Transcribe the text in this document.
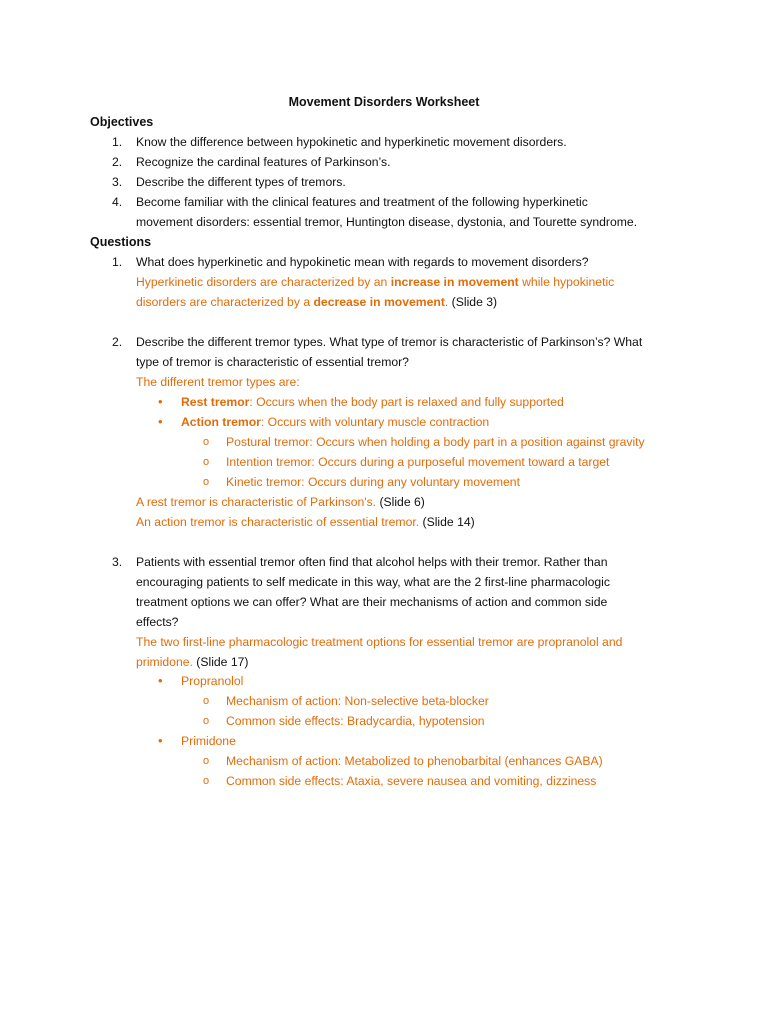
Movement Disorders Worksheet
Objectives
1. Know the difference between hypokinetic and hyperkinetic movement disorders.
2. Recognize the cardinal features of Parkinson’s.
3. Describe the different types of tremors.
4. Become familiar with the clinical features and treatment of the following hyperkinetic
movement disorders: essential tremor, Huntington disease, dystonia, and Tourette syndrome.
Questions
1. What does hyperkinetic and hypokinetic mean with regards to movement disorders?
Hyperkinetic disorders are characterized by an increase in movement while hypokinetic
disorders are characterized by a decrease in movement. (Slide 3)
2. Describe the different tremor types. What type of tremor is characteristic of Parkinson’s? What
type of tremor is characteristic of essential tremor?
The different tremor types are:
• Rest tremor: Occurs when the body part is relaxed and fully supported
• Action tremor: Occurs with voluntary muscle contraction
o Postural tremor: Occurs when holding a body part in a position against gravity
o Intention tremor: Occurs during a purposeful movement toward a target
o Kinetic tremor: Occurs during any voluntary movement
A rest tremor is characteristic of Parkinson's. (Slide 6)
An action tremor is characteristic of essential tremor. (Slide 14)
3. Patients with essential tremor often find that alcohol helps with their tremor. Rather than
encouraging patients to self medicate in this way, what are the 2 first-line pharmacologic
treatment options we can offer? What are their mechanisms of action and common side
effects?
The two first-line pharmacologic treatment options for essential tremor are propranolol and
primidone. (Slide 17)
• Propranolol
o Mechanism of action: Non-selective beta-blocker
o Common side effects: Bradycardia, hypotension
• Primidone
o Mechanism of action: Metabolized to phenobarbital (enhances GABA)
o Common side effects: Ataxia, severe nausea and vomiting, dizziness
